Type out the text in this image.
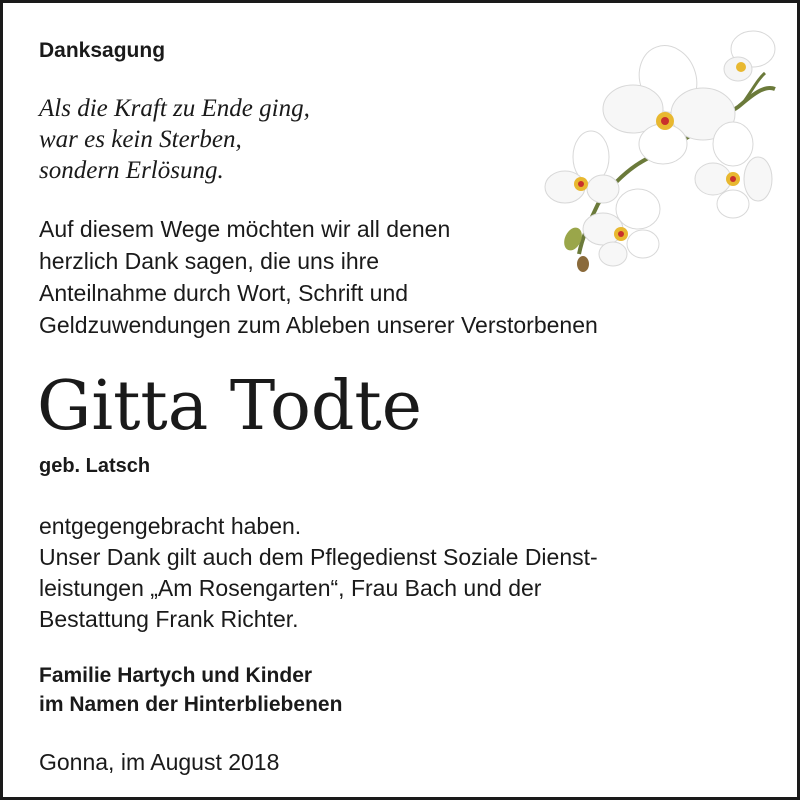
Danksagung
Als die Kraft zu Ende ging,
war es kein Sterben,
sondern Erlösung.
Auf diesem Wege möchten wir all denen
herzlich Dank sagen, die uns ihre
Anteilnahme durch Wort, Schrift und
Geldzuwendungen zum Ableben unserer Verstorbenen
Gitta Todte
geb. Latsch
entgegengebracht haben.
Unser Dank gilt auch dem Pflegedienst Soziale Dienst-
leistungen „Am Rosengarten“, Frau Bach und der
Bestattung Frank Richter.
Familie Hartych und Kinder
im Namen der Hinterbliebenen
Gonna, im August 2018
